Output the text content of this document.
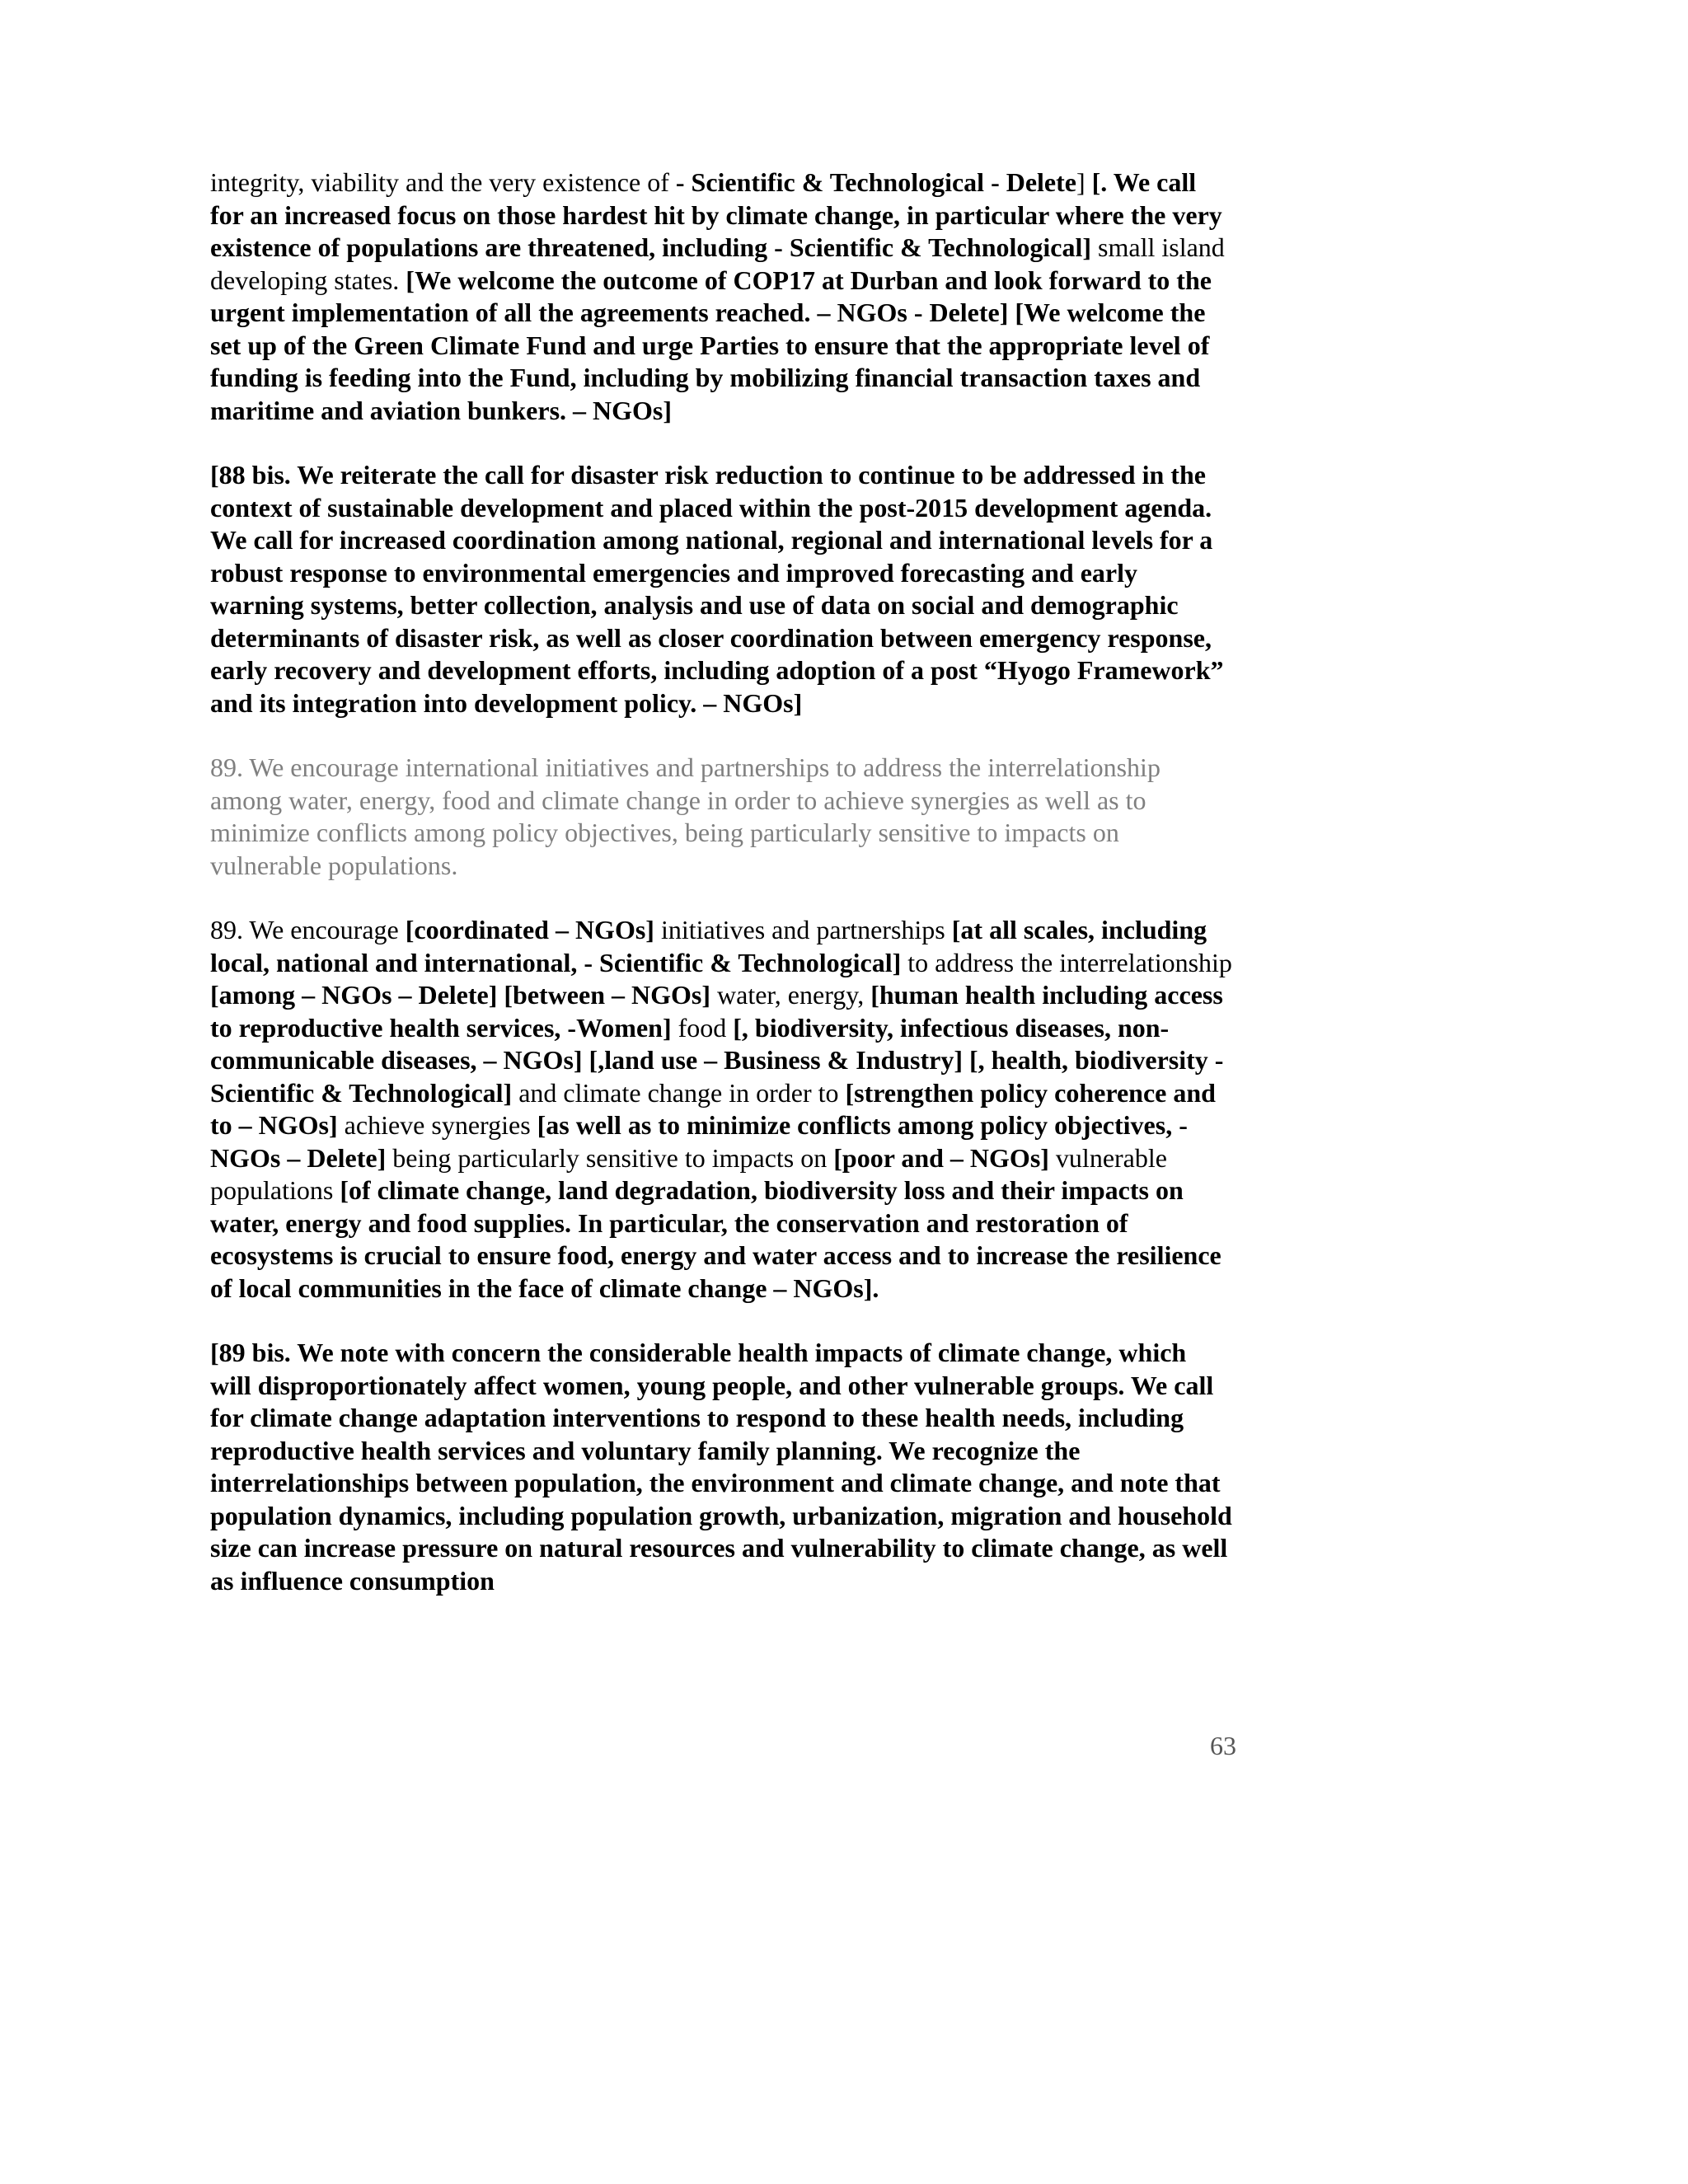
integrity, viability and the very existence of - Scientific & Technological - Delete] [. We call for an increased focus on those hardest hit by climate change, in particular where the very existence of populations are threatened, including - Scientific & Technological] small island developing states. [We welcome the outcome of COP17 at Durban and look forward to the urgent implementation of all the agreements reached. – NGOs - Delete] [We welcome the set up of the Green Climate Fund and urge Parties to ensure that the appropriate level of funding is feeding into the Fund, including by mobilizing financial transaction taxes and maritime and aviation bunkers. – NGOs]

[88 bis. We reiterate the call for disaster risk reduction to continue to be addressed in the context of sustainable development and placed within the post-2015 development agenda. We call for increased coordination among national, regional and international levels for a robust response to environmental emergencies and improved forecasting and early warning systems, better collection, analysis and use of data on social and demographic determinants of disaster risk, as well as closer coordination between emergency response, early recovery and development efforts, including adoption of a post “Hyogo Framework” and its integration into development policy. – NGOs]

89. We encourage international initiatives and partnerships to address the interrelationship among water, energy, food and climate change in order to achieve synergies as well as to minimize conflicts among policy objectives, being particularly sensitive to impacts on vulnerable populations.

89. We encourage [coordinated – NGOs] initiatives and partnerships [at all scales, including local, national and international, - Scientific & Technological] to address the interrelationship [among – NGOs – Delete] [between – NGOs] water, energy, [human health including access to reproductive health services, -Women] food [, biodiversity, infectious diseases, non-communicable diseases, – NGOs] [,land use – Business & Industry] [, health, biodiversity - Scientific & Technological] and climate change in order to [strengthen policy coherence and to – NGOs] achieve synergies [as well as to minimize conflicts among policy objectives, - NGOs – Delete] being particularly sensitive to impacts on [poor and – NGOs] vulnerable populations [of climate change, land degradation, biodiversity loss and their impacts on water, energy and food supplies. In particular, the conservation and restoration of ecosystems is crucial to ensure food, energy and water access and to increase the resilience of local communities in the face of climate change – NGOs].

[89 bis. We note with concern the considerable health impacts of climate change, which will disproportionately affect women, young people, and other vulnerable groups. We call for climate change adaptation interventions to respond to these health needs, including reproductive health services and voluntary family planning. We recognize the interrelationships between population, the environment and climate change, and note that population dynamics, including population growth, urbanization, migration and household size can increase pressure on natural resources and vulnerability to climate change, as well as influence consumption

63
